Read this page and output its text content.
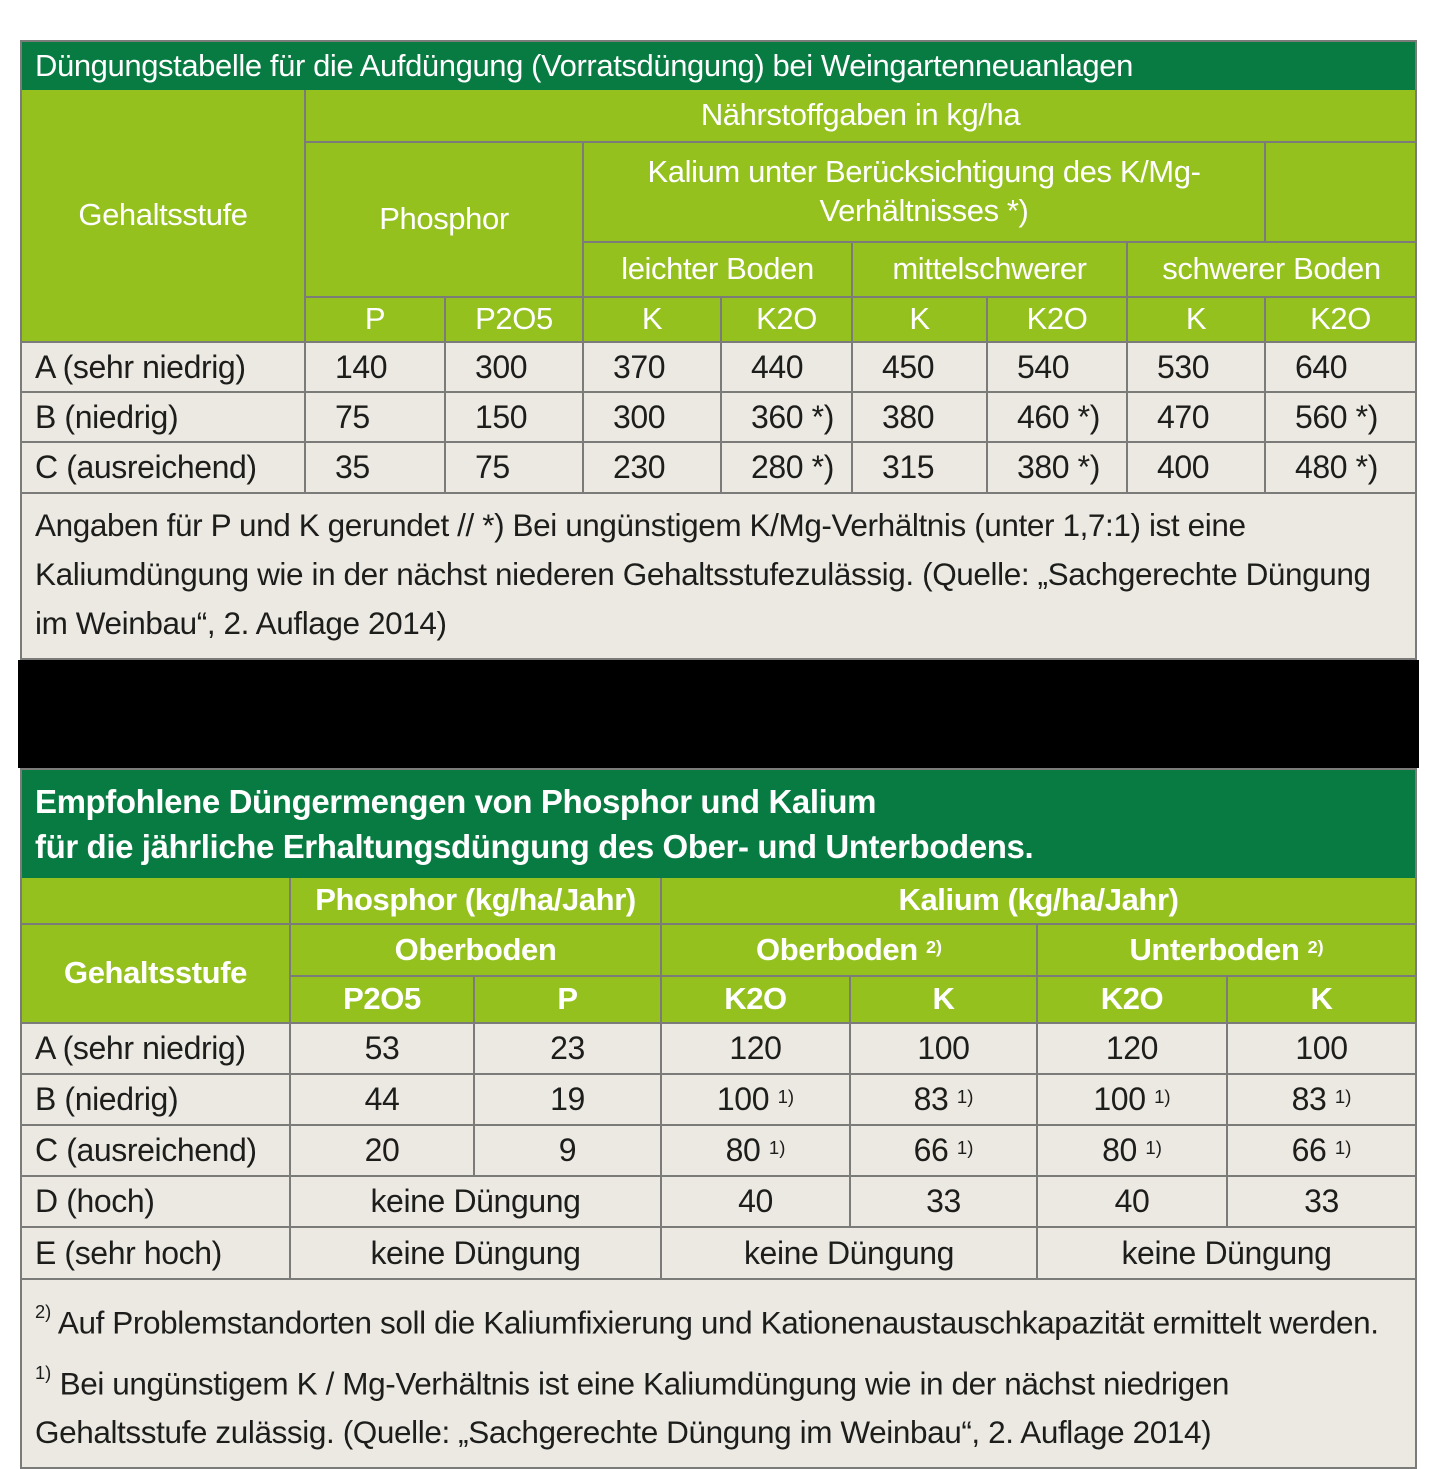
Düngungstabelle für die Aufdüngung (Vorratsdüngung) bei Weingartenneuanlagen
Gehaltsstufe	Nährstoffgaben in kg/ha							
	Phosphor		Kalium unter Berücksichtigung des K/Mg-Verhältnisses *)					
			leichter Boden		mittelschwerer		schwerer Boden	
	P	P2O5	K	K2O	K	K2O	K	K2O
A (sehr niedrig)	140	300	370	440	450	540	530	640
B (niedrig)	75	150	300	360 *)	380	460 *)	470	560 *)
C (ausreichend)	35	75	230	280 *)	315	380 *)	400	480 *)
Angaben für P und K gerundet // *) Bei ungünstigem K/Mg-Verhältnis (unter 1,7:1) ist eine Kaliumdüngung wie in der nächst niederen Gehaltsstufezulässig. (Quelle: „Sachgerechte Düngung im Weinbau“, 2. Auflage 2014)
Empfohlene Düngermengen von Phosphor und Kalium
für die jährliche Erhaltungsdüngung des Ober- und Unterbodens.
	Phosphor (kg/ha/Jahr)		Kalium (kg/ha/Jahr)			
Gehaltsstufe	Oberboden		Oberboden $^{2)}$		Unterboden $^{2)}$
	P2O5	P	K2O	K	K2O	K
A (sehr niedrig)	53	23	120	100	120	100
B (niedrig)	44	19	100 $^{1)}$	83 $^{1)}$	100 $^{1)}$	83 $^{1)}$
C (ausreichend)	20	9	80 $^{1)}$	66 $^{1)}$	80 $^{1)}$	66 $^{1)}$
D (hoch)	keine Düngung		40	33	40	33
E (sehr hoch)	keine Düngung		keine Düngung		keine Düngung	
$^{2)}$ Auf Problemstandorten soll die Kaliumfixierung und Kationenaustauschkapazität ermittelt werden. $^{1)}$ Bei ungünstigem K / Mg-Verhältnis ist eine Kaliumdüngung wie in der nächst niedrigen Gehaltsstufe zulässig. (Quelle: „Sachgerechte Düngung im Weinbau“, 2. Auflage 2014)
